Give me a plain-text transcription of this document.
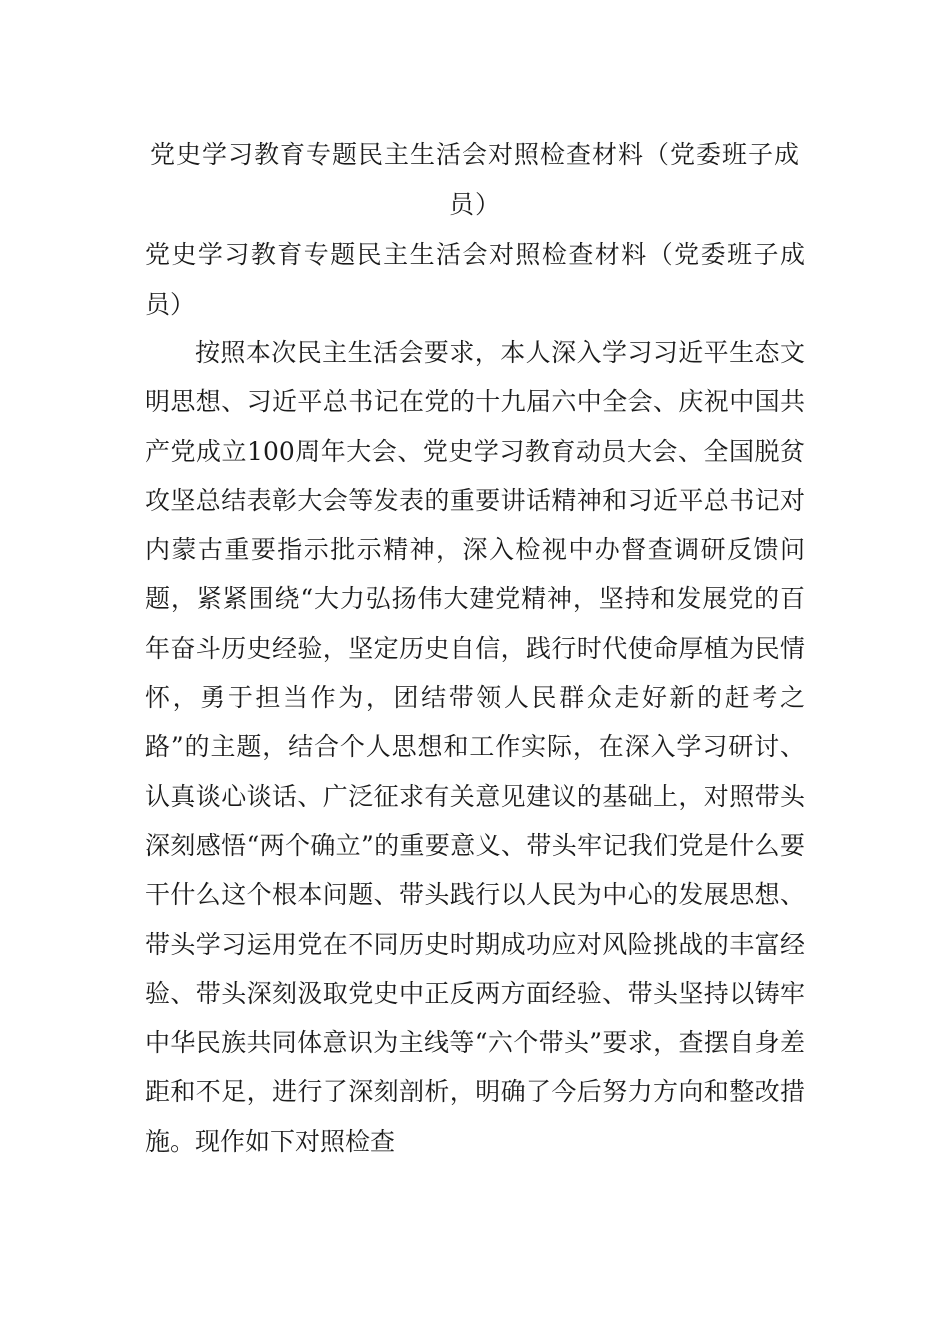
党史学习教育专题民主生活会对照检查材料（党委班子成员）
党史学习教育专题民主生活会对照检查材料（党委班子成员）
按照本次民主生活会要求，本人深入学习习近平生态文明思想、习近平总书记在党的十九届六中全会、庆祝中国共产党成立100周年大会、党史学习教育动员大会、全国脱贫攻坚总结表彰大会等发表的重要讲话精神和习近平总书记对内蒙古重要指示批示精神，深入检视中办督查调研反馈问题，紧紧围绕“大力弘扬伟大建党精神，坚持和发展党的百年奋斗历史经验，坚定历史自信，践行时代使命厚植为民情怀，勇于担当作为，团结带领人民群众走好新的赶考之路”的主题，结合个人思想和工作实际，在深入学习研讨、认真谈心谈话、广泛征求有关意见建议的基础上，对照带头深刻感悟“两个确立”的重要意义、带头牢记我们党是什么要干什么这个根本问题、带头践行以人民为中心的发展思想、带头学习运用党在不同历史时期成功应对风险挑战的丰富经验、带头深刻汲取党史中正反两方面经验、带头坚持以铸牢中华民族共同体意识为主线等“六个带头”要求，查摆自身差距和不足，进行了深刻剖析，明确了今后努力方向和整改措施。现作如下对照检查
